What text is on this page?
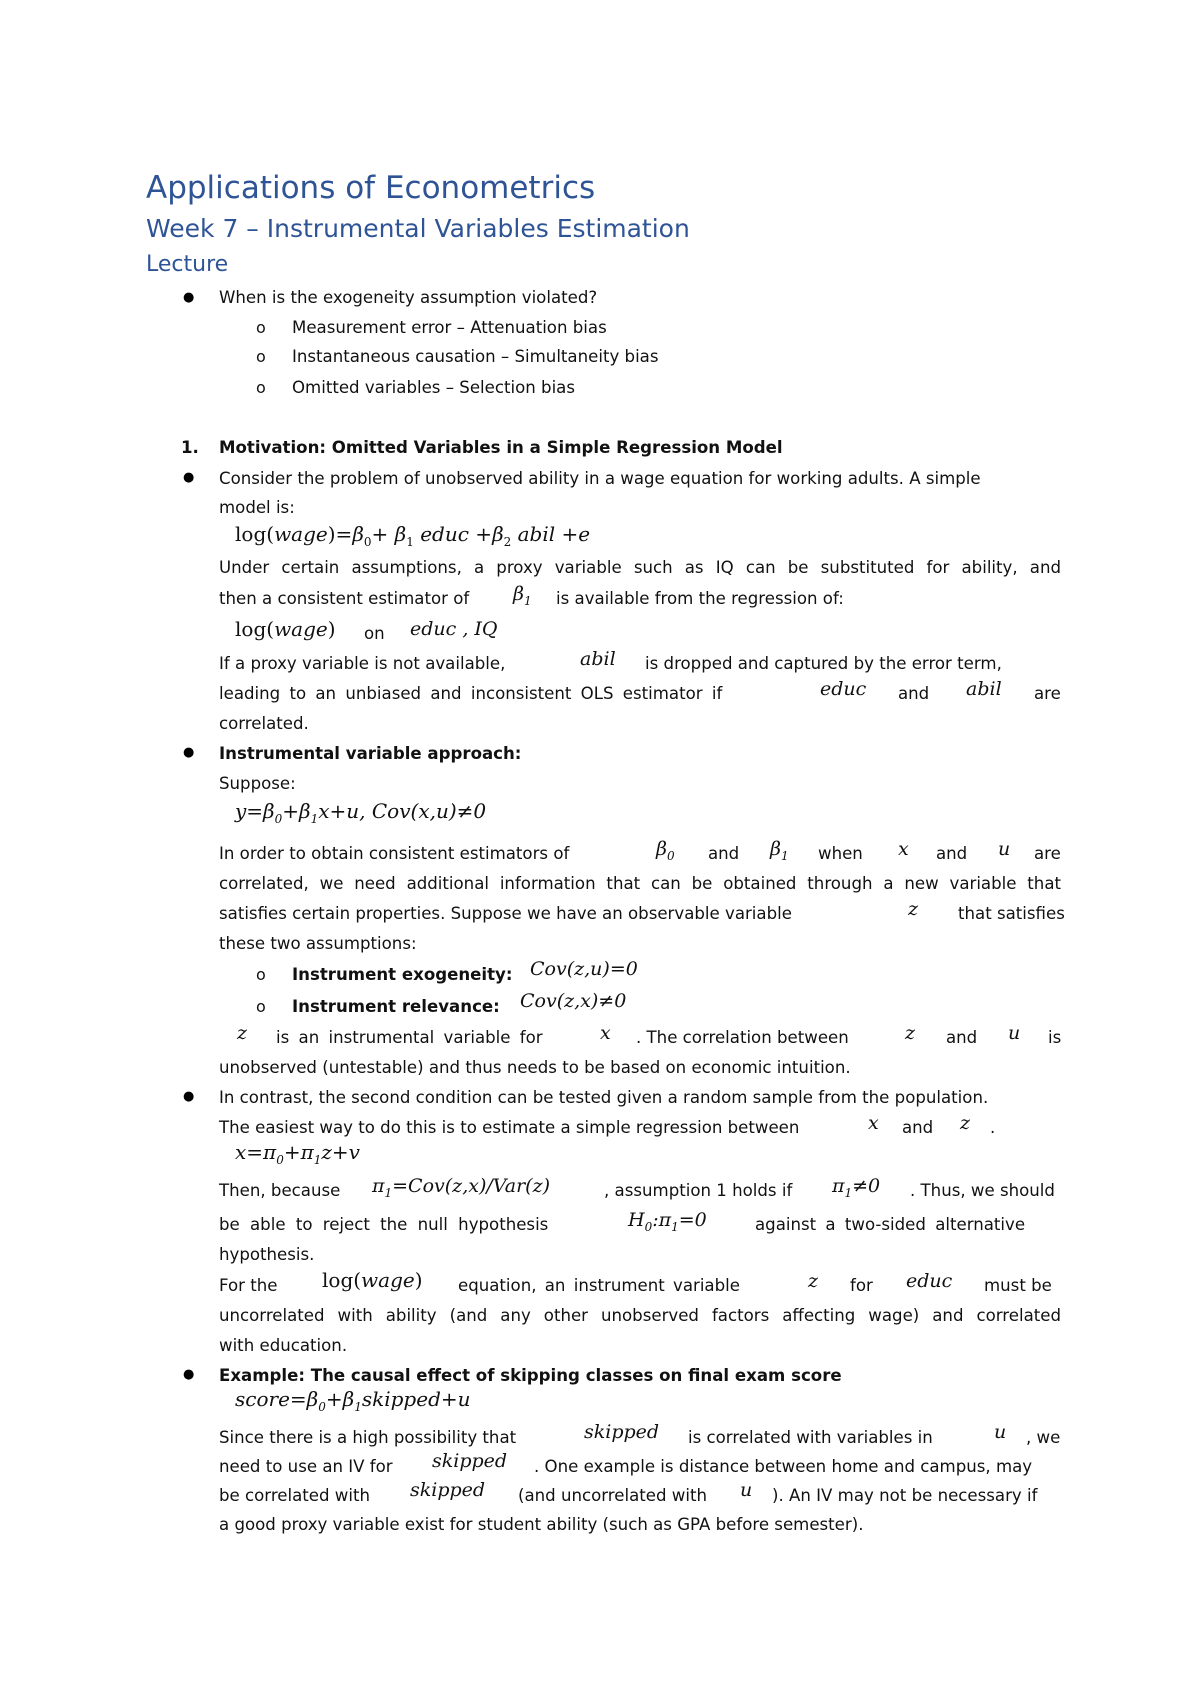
Applications of Econometrics
Week 7 – Instrumental Variables Estimation
Lecture
● When is the exogeneity assumption violated?
o Measurement error – Attenuation bias
o Instantaneous causation – Simultaneity bias
o Omitted variables – Selection bias
1. Motivation: Omitted Variables in a Simple Regression Model
● Consider the problem of unobserved ability in a wage equation for working adults. A simple
model is:
$\log(wage)=\beta_0+ \beta_1$ educ $+\beta_2$ abil +e
Under certain assumptions, a proxy variable such as IQ can be substituted for ability, and
then a consistent estimator of $\beta_1$ is available from the regression of:
log(wage) on educ , IQ
If a proxy variable is not available,	abil is dropped and captured by the error term,
leading to an unbiased and inconsistent OLS estimator if	educ and abil are
correlated.
● Instrumental variable approach:
Suppose:
$y=\beta_0+\beta_1x+u$, Cov(x,u)≠0
In order to obtain consistent estimators of	$\beta_0$ and $\beta_1$ when x and u are
correlated, we need additional information that can be obtained through a new variable that
satisfies certain properties. Suppose we have an observable variable	z that satisfies
these two assumptions:
o Instrument exogeneity: Cov(z,u)=0
o Instrument relevance: Cov(z,x)≠0
z is an instrumental variable for	x . The correlation between	z and u is
unobserved (untestable) and thus needs to be based on economic intuition.
● In contrast, the second condition can be tested given a random sample from the population.
The easiest way to do this is to estimate a simple regression between	x and z .
$x=\pi_0+\pi_1z+v$
Then, because $\pi_1=Cov(z,x)/Var(z)$	, assumption 1 holds if $\pi_1\ne 0$ . Thus, we should
be able to reject the null hypothesis	$H_0:\pi_1=0$	against a two-sided alternative
hypothesis.
For the log(wage) equation, an instrument variable	z for educ must be
uncorrelated with ability (and any other unobserved factors affecting wage) and correlated
with education.
● Example: The causal effect of skipping classes on final exam score
$score=\beta_0+\beta_1skipped+u$
Since there is a high possibility that	skipped is correlated with variables in	u , we
need to use an IV for skipped . One example is distance between home and campus, may
be correlated with skipped (and uncorrelated with u ). An IV may not be necessary if
a good proxy variable exist for student ability (such as GPA before semester).
